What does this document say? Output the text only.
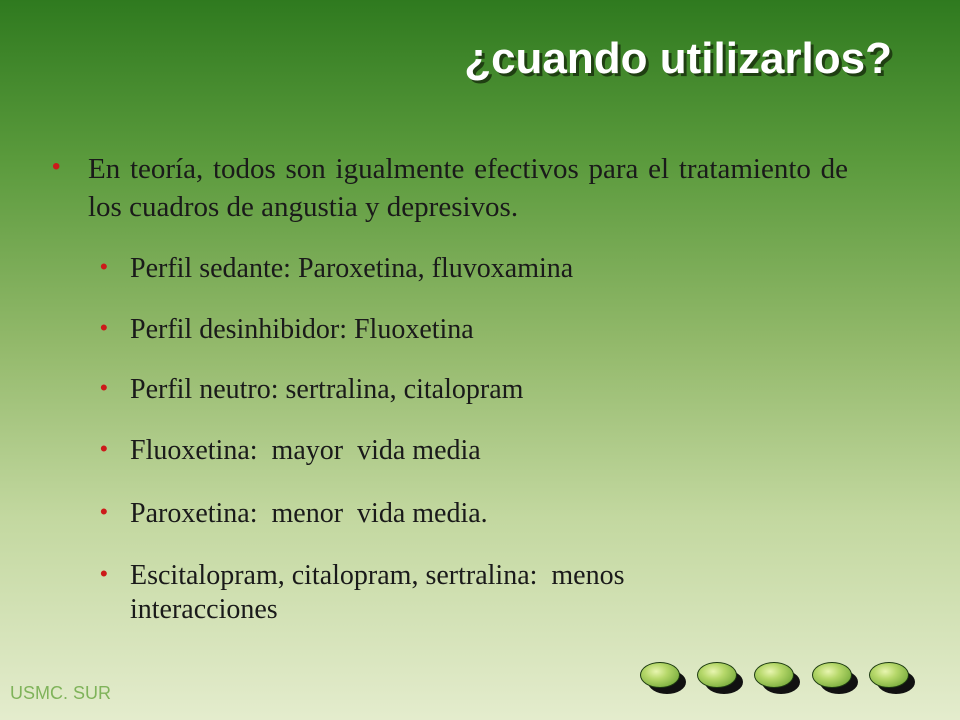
¿cuando utilizarlos?
• En teoría, todos son igualmente efectivos para el tratamiento de los cuadros de angustia y depresivos.
• Perfil sedante: Paroxetina, fluvoxamina
• Perfil desinhibidor: Fluoxetina
• Perfil neutro: sertralina, citalopram
• Fluoxetina:  mayor  vida media
• Paroxetina:  menor  vida media.
• Escitalopram, citalopram, sertralina:  menos interacciones
USMC. SUR
